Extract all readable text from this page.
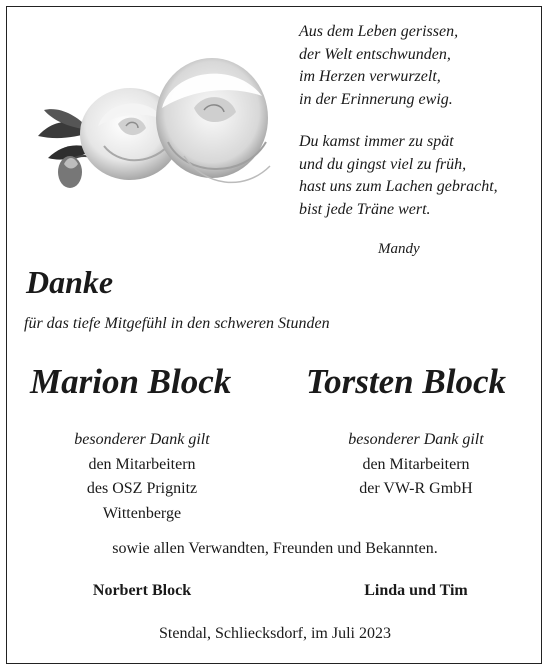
Aus dem Leben gerissen,
der Welt entschwunden,
im Herzen verwurzelt,
in der Erinnerung ewig.
Du kamst immer zu spät
und du gingst viel zu früh,
hast uns zum Lachen gebracht,
bist jede Träne wert.
Mandy
Danke
für das tiefe Mitgefühl in den schweren Stunden
Marion Block Torsten Block
besonderer Dank gilt
den Mitarbeitern
des OSZ Prignitz
Wittenberge
besonderer Dank gilt
den Mitarbeitern
der VW-R GmbH
sowie allen Verwandten, Freunden und Bekannten.
Norbert Block	Linda und Tim
Stendal, Schliecksdorf, im Juli 2023
